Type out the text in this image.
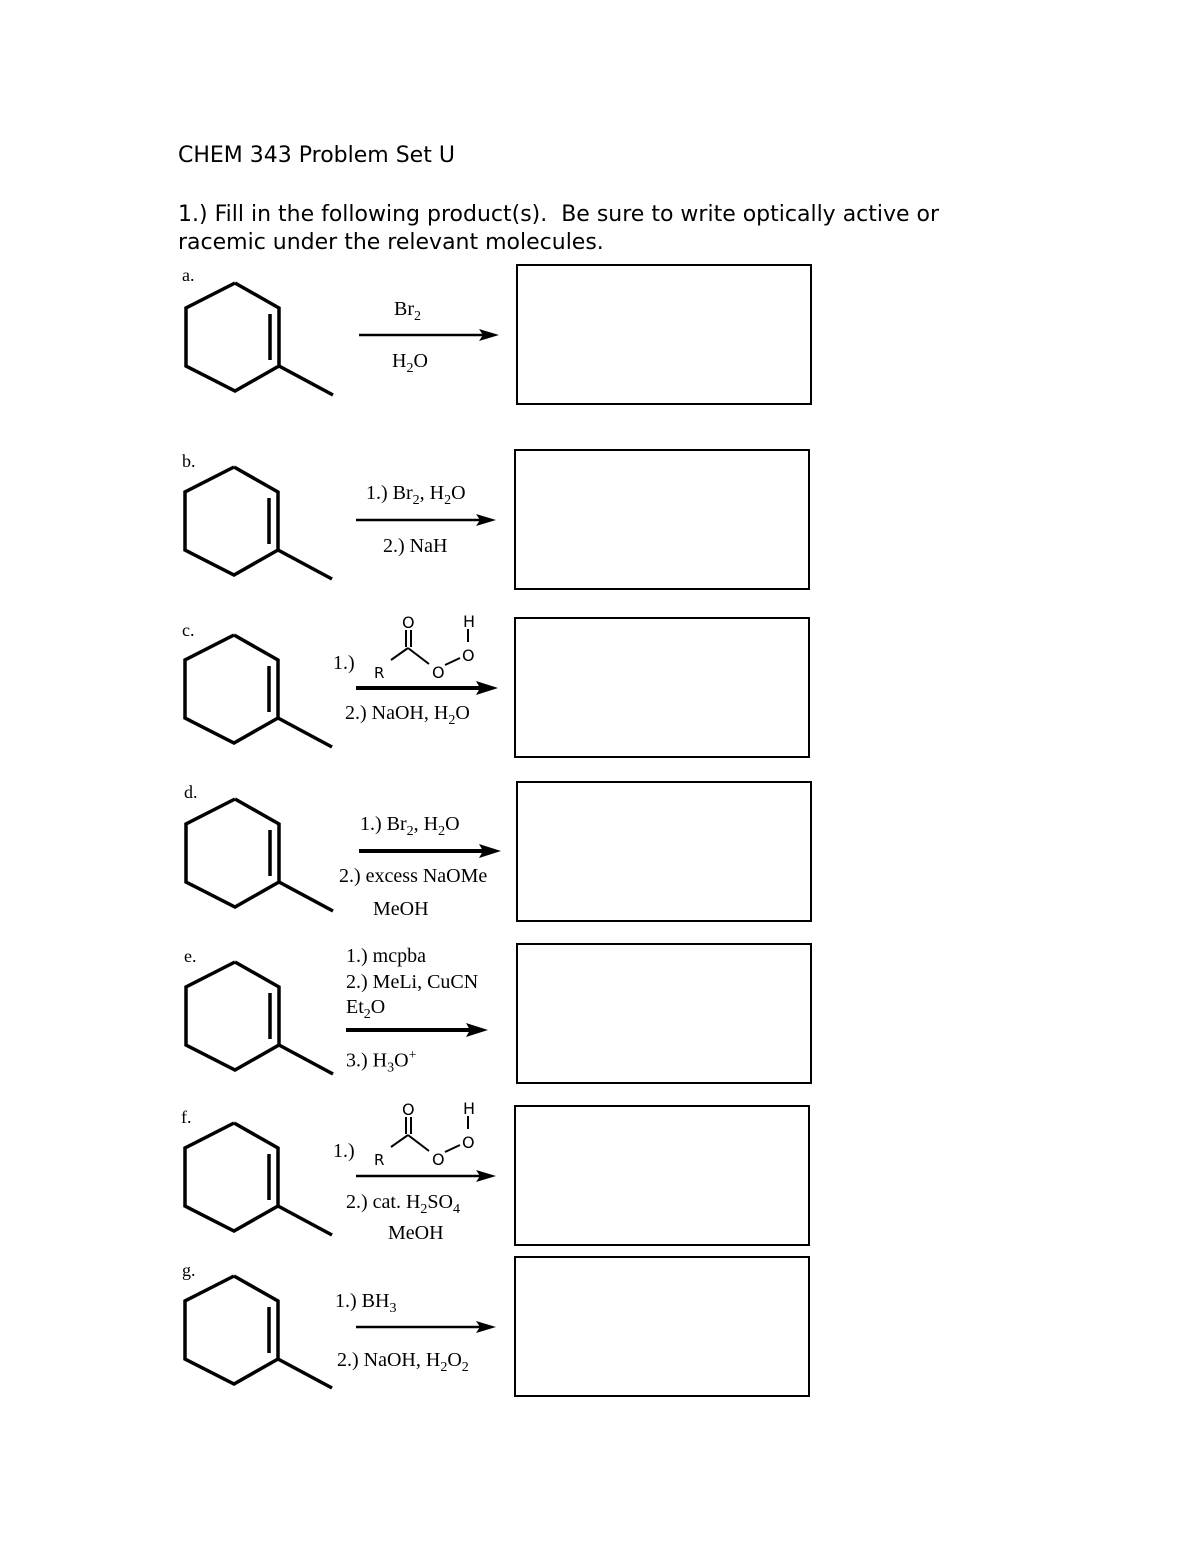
CHEM 343 Problem Set U
1.) Fill in the following product(s).  Be sure to write optically active or
racemic under the relevant molecules.
O	H
O
O
R
O	H
O
O
R
a.
b.
c.
d.
e.
f.
g.
$Br_2$
$H_2O$
1.) $Br_2$, $H_2O$
2.) NaH
1.)
2.) NaOH, $H_2O$
1.) $Br_2$, $H_2O$
2.) excess NaOMe
MeOH
1.) mcpba
2.) MeLi, CuCN
$Et_2O$
3.) $H_3O^+$
1.)
2.) cat. $H_2SO_4$
MeOH
1.) $BH_3$
2.) NaOH, $H_2O_2$
